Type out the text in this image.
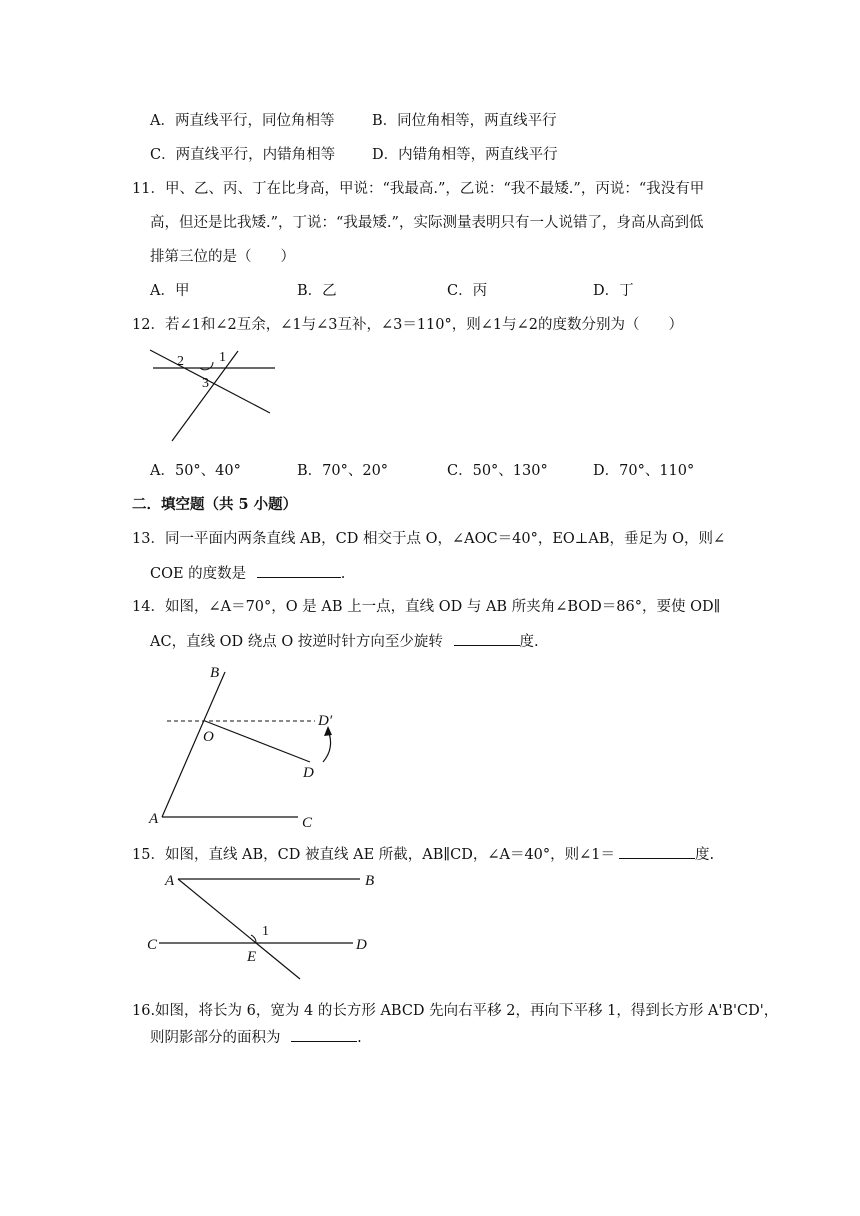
A．两直线平行，同位角相等	B．同位角相等，两直线平行
C．两直线平行，内错角相等	D．内错角相等，两直线平行
11．甲、乙、丙、丁在比身高，甲说：“我最高.”，乙说：“我不最矮.”，丙说：“我没有甲
高，但还是比我矮.”，丁说：“我最矮.”，实际测量表明只有一人说错了，身高从高到低
排第三位的是（　　）
A．甲	B．乙	C．丙	D．丁
12．若∠1和∠2互余，∠1与∠3互补，∠3＝110°，则∠1与∠2的度数分别为（　　）
1
2
3
A．50°、40°	B．70°、20°	C．50°、130°	D．70°、110°
二．填空题（共 5 小题）
13．同一平面内两条直线 AB，CD 相交于点 O，∠AOC＝40°，EO⊥AB，垂足为 O，则∠
COE 的度数是	.
14．如图，∠A＝70°，O 是 AB 上一点，直线 OD 与 AB 所夹角∠BOD＝86°，要使 OD∥
AC，直线 OD 绕点 O 按逆时针方向至少旋转	度.
B
O
A	C
D
D′
15．如图，直线 AB，CD 被直线 AE 所截，AB∥CD，∠A＝40°，则∠1＝	度.
A	B
C	D
E
1
16.如图，将长为 6，宽为 4 的长方形 ABCD 先向右平移 2，再向下平移 1，得到长方形 A'B'CD'，
则阴影部分的面积为	.
